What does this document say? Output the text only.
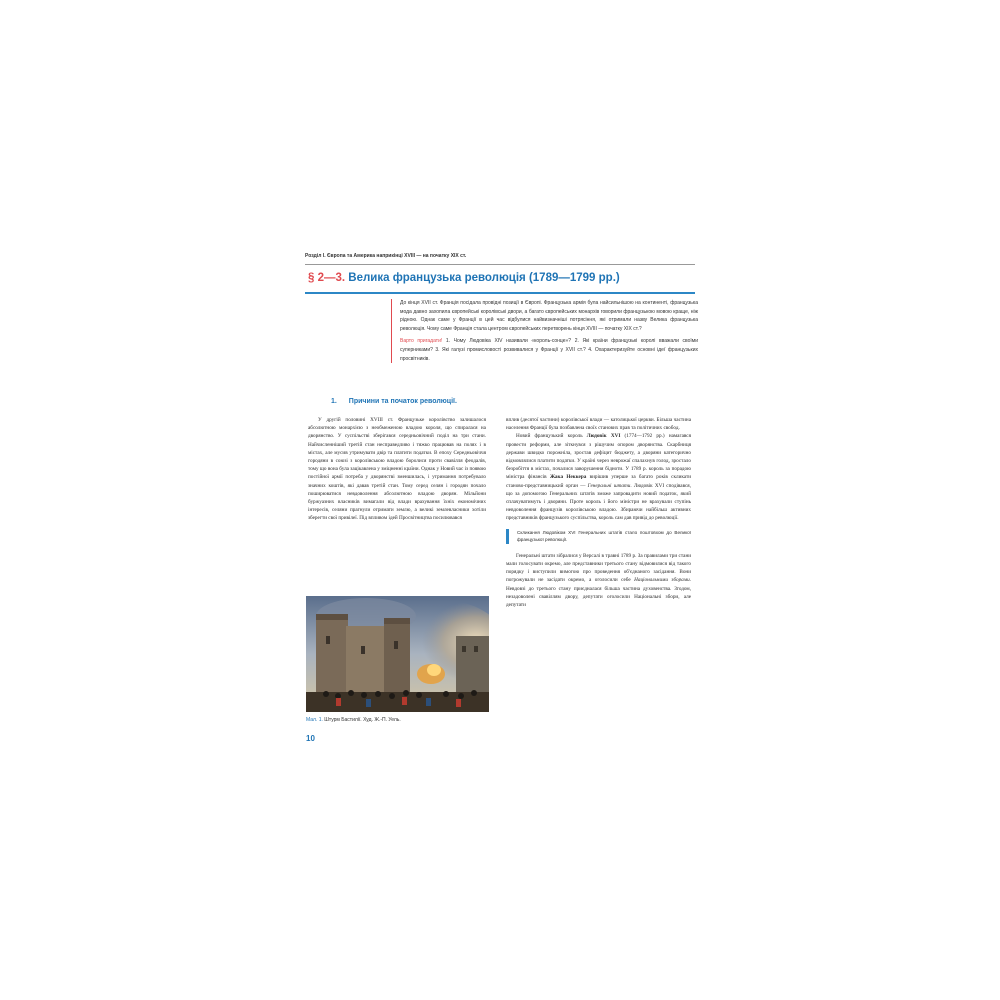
Розділ І. Європа та Америка наприкінці XVIII — на початку XIX ст.
§ 2—3. Велика французька революція (1789—1799 рр.)

До кінця XVII ст. Франція посідала провідні позиції в Європі. Французька армія була найсильнішою на континенті, французька мода давно захопила європейські королівські двори, а багато європейських монархів говорили французькою мовою краще, ніж рідною. Однак саме у Франції в цей час відбулися найвизначніші потрясіння, які отримали назву Велика французька революція. Чому саме Франція стала центром європейських перетворень кінця XVIII — початку XIX ст.?

Варто пригадати! 1. Чому Людовіка XIV називали «король-сонце»? 2. Які країни французькі королі вважали своїми суперниками? 3. Які галузі промисловості розвивалися у Франції у XVII ст.? 4. Охарактеризуйте основні ідеї французьких просвітників.

1. Причини та початок революції.

У другій половині XVIII ст. Французьке королівство залишалося абсолютною монархією з необмеженою владою короля, що спиралася на дворянство. У суспільстві зберігався середньовічний поділ на три стани. Найчисленніший третій стан несправедливо і тяжко працював на полях і в містах, але мусив утримувати двір та платити податки. В епоху Середньовіччя городяни в союзі з королівською владою боролися проти свавілля феодалів, тому що вона була зацікавлена у зміцненні країни. Однак у Новий час із появою постійної армії потреба у дворянстві зменшилась, і утримання потребувало значних коштів, які давав третій стан. Тому серед селян і городян почало поширюватися невдоволення абсолютною владою дворян. Мільйони буржуазних власників вимагали від влади врахування їхніх економічних інтересів, селяни прагнули отримати землю, а великі землевласники хотіли зберегти свої привілеї. Під впливом ідей Просвітництва посилювався

Мал. 1. Штурм Бастилії. Худ. Ж.-П. Уель.

вплив (десятої частини) королівської влади — католицької церкви. Більша частина населення Франції була позбавлена своїх станових прав та політичних свобод.

Новий французький король Людовік XVI (1774—1792 рр.) намагався провести реформи, але зіткнувся з рішучим опором дворянства. Скарбниця держави швидко порожніла, зростав дефіцит бюджету, а дворяни категорично відмовлялися платити податки. У країні через неврожаї спалахнув голод, зростало безробіття в містах, почалися заворушення бідноти. У 1789 р. король за порадою міністра фінансів Жака Неккера вирішив уперше за багато років скликати станово-представницький орган — Генеральні штати. Людовік XVI сподівався, що за допомогою Генеральних штатів зможе запровадити новий податок, який сплачуватимуть і дворяни. Проте король і його міністри не врахували ступінь невдоволення французів королівською владою. Збираючи найбільш активних представників французького суспільства, король сам дав привід до революції.

Скликання Людовіком XVI Генеральних штатів стало поштовхом до Великої французької революції.

Генеральні штати зібралися у Версалі в травні 1789 р. За правилами три стани мали голосувати окремо, але представники третього стану відмовилися від такого порядку і виступили вимогою про проведення об'єднаного засідання. Вони погрожували не засідати окремо, а оголосили себе Національними зборами. Невдовзі до третього стану приєдналася більша частина духовенства. Згодом, незадоволені свавіллям двору, депутати оголосили Національні збори, але депутати

10
